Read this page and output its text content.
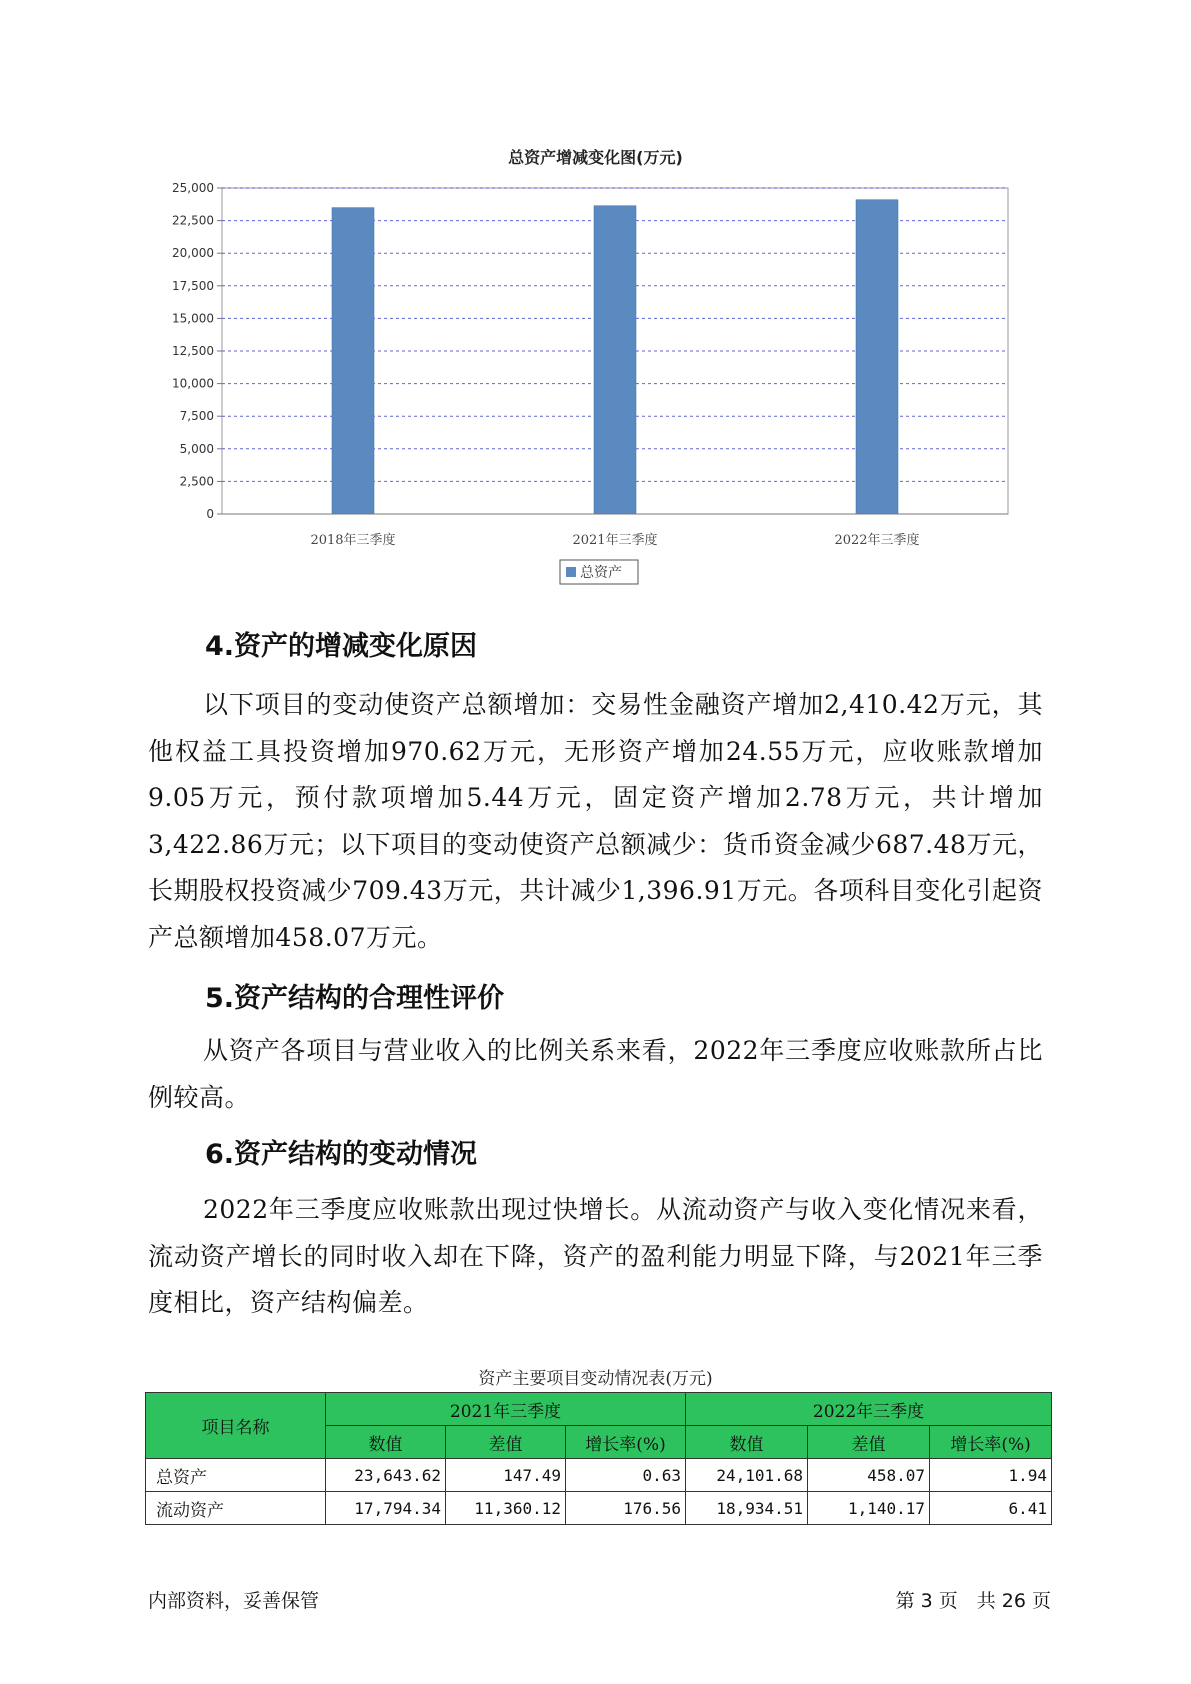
总资产增减变化图(万元)
0
2,500
5,000
7,500
10,000
12,500
15,000
17,500
20,000
22,500
25,000
2018年三季度	2021年三季度	2022年三季度
总资产
4.资产的增减变化原因

以下项目的变动使资产总额增加：交易性金融资产增加2,410.42万元，其他权益工具投资增加970.62万元，无形资产增加24.55万元，应收账款增加9.05万元，预付款项增加5.44万元，固定资产增加2.78万元，共计增加3,422.86万元；以下项目的变动使资产总额减少：货币资金减少687.48万元，长期股权投资减少709.43万元，共计减少1,396.91万元。各项科目变化引起资产总额增加458.07万元。

5.资产结构的合理性评价

从资产各项目与营业收入的比例关系来看，2022年三季度应收账款所占比例较高。

6.资产结构的变动情况

2022年三季度应收账款出现过快增长。从流动资产与收入变化情况来看，流动资产增长的同时收入却在下降，资产的盈利能力明显下降，与2021年三季度相比，资产结构偏差。

资产主要项目变动情况表(万元)
项目名称	2021年三季度			2022年三季度		
	数值	差值	增长率(%)	数值	差值	增长率(%)
总资产	23,643.62	147.49	0.63	24,101.68	458.07	1.94
流动资产	17,794.34	11,360.12	176.56	18,934.51	1,140.17	6.41
内部资料，妥善保管	第 3 页　共 26 页
